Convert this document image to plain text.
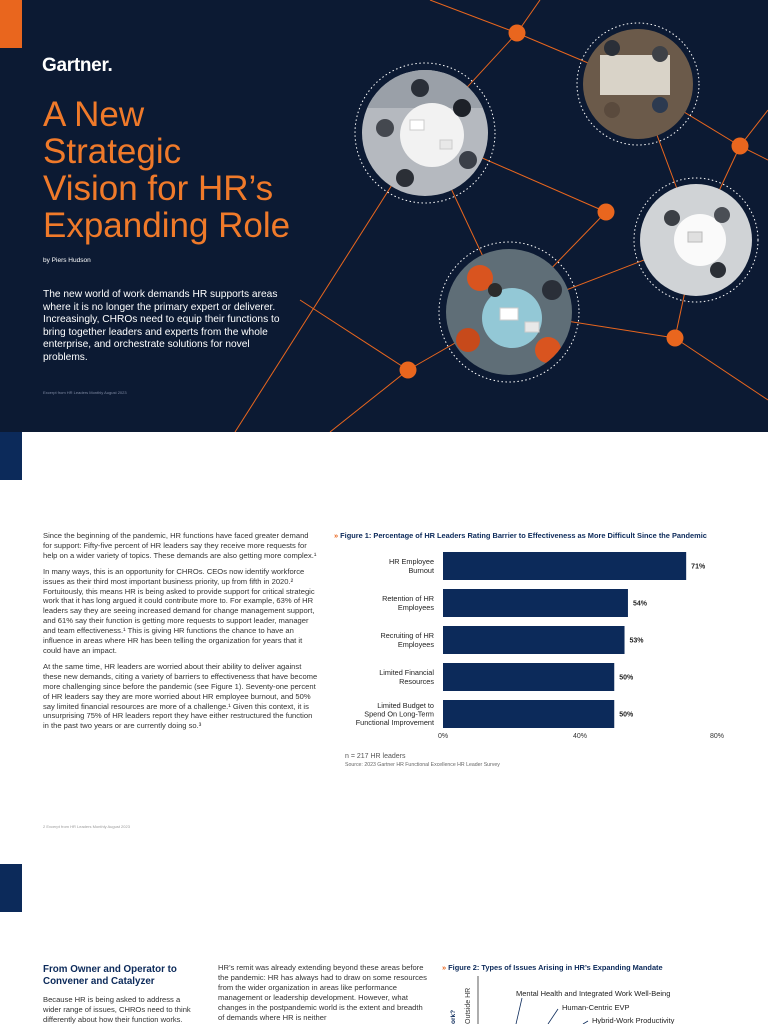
Gartner.
A New
Strategic
Vision for HR’s
Expanding Role
by Piers Hudson
The new world of work demands HR supports areas where it is no longer the primary expert or deliverer. Increasingly, CHROs need to equip their functions to bring together leaders and experts from the whole enterprise, and orchestrate solutions for novel problems.
Excerpt from HR Leaders Monthly August 2023

Since the beginning of the pandemic, HR functions have faced greater demand for support: Fifty-five percent of HR leaders say they receive more requests for help on a wider variety of topics. These demands are also getting more complex.¹

In many ways, this is an opportunity for CHROs. CEOs now identify workforce issues as their third most important business priority, up from fifth in 2020.² Fortuitously, this means HR is being asked to provide support for critical strategic work that it has long argued it could contribute more to. For example, 63% of HR leaders say they are seeing increased demand for change management support, and 61% say their function is getting more requests to support leader, manager and team effectiveness.¹ This is giving HR functions the chance to have an influence in areas where HR has been telling the organization for years that it could have an impact.

At the same time, HR leaders are worried about their ability to deliver against these new demands, citing a variety of barriers to effectiveness that have become more challenging since before the pandemic (see Figure 1). Seventy-one percent of HR leaders say they are more worried about HR employee burnout, and 50% say limited financial resources are more of a challenge.¹ Given this context, it is unsurprising 75% of HR leaders report they have either restructured the function in the past two years or are currently doing so.³

» Figure 1: Percentage of HR Leaders Rating Barrier to Effectiveness as More Difficult Since the Pandemic
71%
HR Employee
Burnout
54%
Retention of HR
Employees
53%
Recruiting of HR
Employees
50%
Limited Financial
Resources
50%
Limited Budget to
Spend On Long-Term
Functional Improvement
0%	40%	80%
n = 217 HR leaders
Source: 2023 Gartner HR Functional Excellence HR Leader Survey
2 Excerpt from HR Leaders Monthly August 2023
From Owner and Operator to Convener and Catalyzer
Because HR is being asked to address a wider range of issues, CHROs need to think differently about how their function works.
HR’s remit was already extending beyond these areas before the pandemic: HR has always had to draw on some resources from the wider organization in areas like performance management or leadership development. However, what changes in the postpandemic world is the extent and breadth of demands where HR is neither
» Figure 2: Types of Issues Arising in HR’s Expanding Mandate
ork? Outside HR	Mental Health and Integrated Work Well-Being
Human-Centric EVP
Hybrid-Work Productivity
